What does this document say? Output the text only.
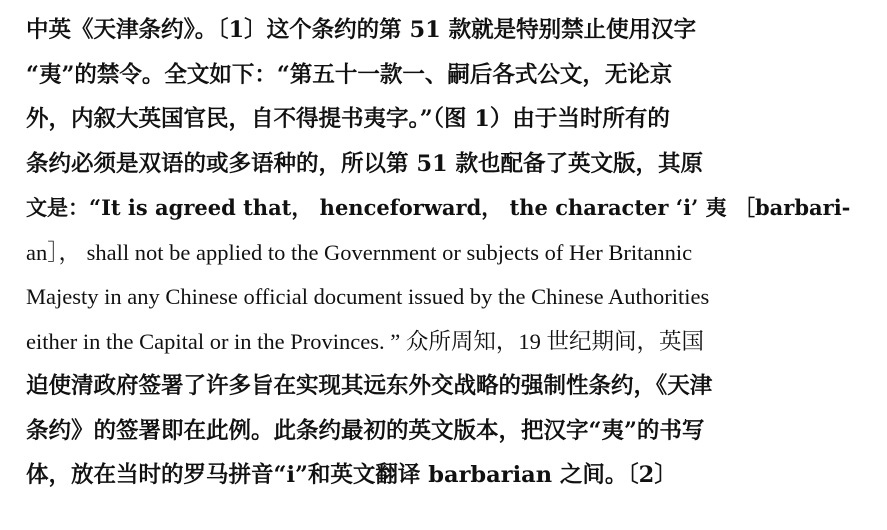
中英《天津条约》。〔1〕这个条约的第 51 款就是特别禁止使用汉字
“夷”的禁令。全文如下：“第五十一款一、嗣后各式公文，无论京
外，内叙大英国官民，自不得提书夷字。”（图 1）由于当时所有的
条约必须是双语的或多语种的，所以第 51 款也配备了英文版，其原
文是：“It is agreed that， henceforward， the character ‘i’ 夷 ［barbari-
an］， shall not be applied to the Government or subjects of Her Britannic
Majesty in any Chinese official document issued by the Chinese Authorities
either in the Capital or in the Provinces. ” 众所周知，19 世纪期间，英国
迫使清政府签署了许多旨在实现其远东外交战略的强制性条约，《天津
条约》的签署即在此例。此条约最初的英文版本，把汉字“夷”的书写
体，放在当时的罗马拼音“i”和英文翻译 barbarian 之间。〔2〕
